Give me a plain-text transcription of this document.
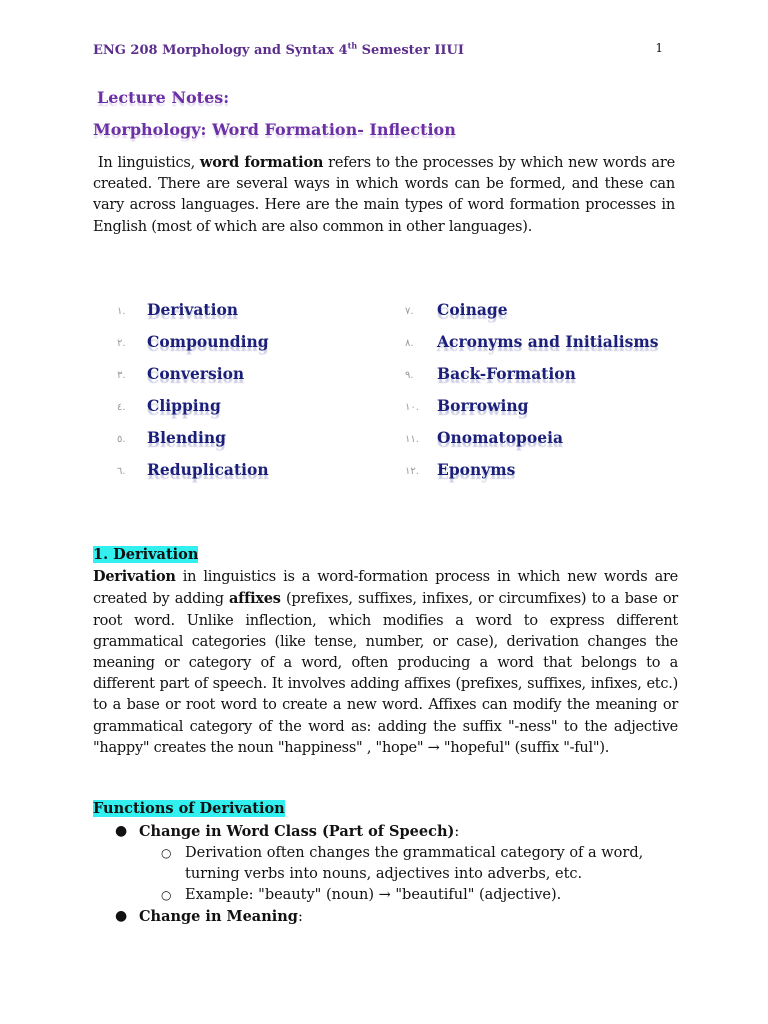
ENG 208 Morphology and Syntax 4th Semester IIUI	1
Lecture Notes:
Morphology: Word Formation- Inflection
In linguistics, word formation refers to the processes by which new words are created. There are several ways in which words can be formed, and these can vary across languages. Here are the main types of word formation processes in English (most of which are also common in other languages).
١. Derivation
٢. Compounding
٣. Conversion
٤. Clipping
٥. Blending
٦. Reduplication
٧. Coinage
٨. Acronyms and Initialisms
٩. Back-Formation
١٠. Borrowing
١١. Onomatopoeia
١٢. Eponyms
1. Derivation
Derivation in linguistics is a word-formation process in which new words are created by adding affixes (prefixes, suffixes, infixes, or circumfixes) to a base or root word. Unlike inflection, which modifies a word to express different grammatical categories (like tense, number, or case), derivation changes the meaning or category of a word, often producing a word that belongs to a different part of speech. It involves adding affixes (prefixes, suffixes, infixes, etc.) to a base or root word to create a new word. Affixes can modify the meaning or grammatical category of the word as: adding the suffix "-ness" to the adjective "happy" creates the noun "happiness" , "hope" → "hopeful" (suffix "-ful").
Functions of Derivation
● Change in Word Class (Part of Speech):
○ Derivation often changes the grammatical category of a word, turning verbs into nouns, adjectives into adverbs, etc.
○ Example: "beauty" (noun) → "beautiful" (adjective).
● Change in Meaning:
